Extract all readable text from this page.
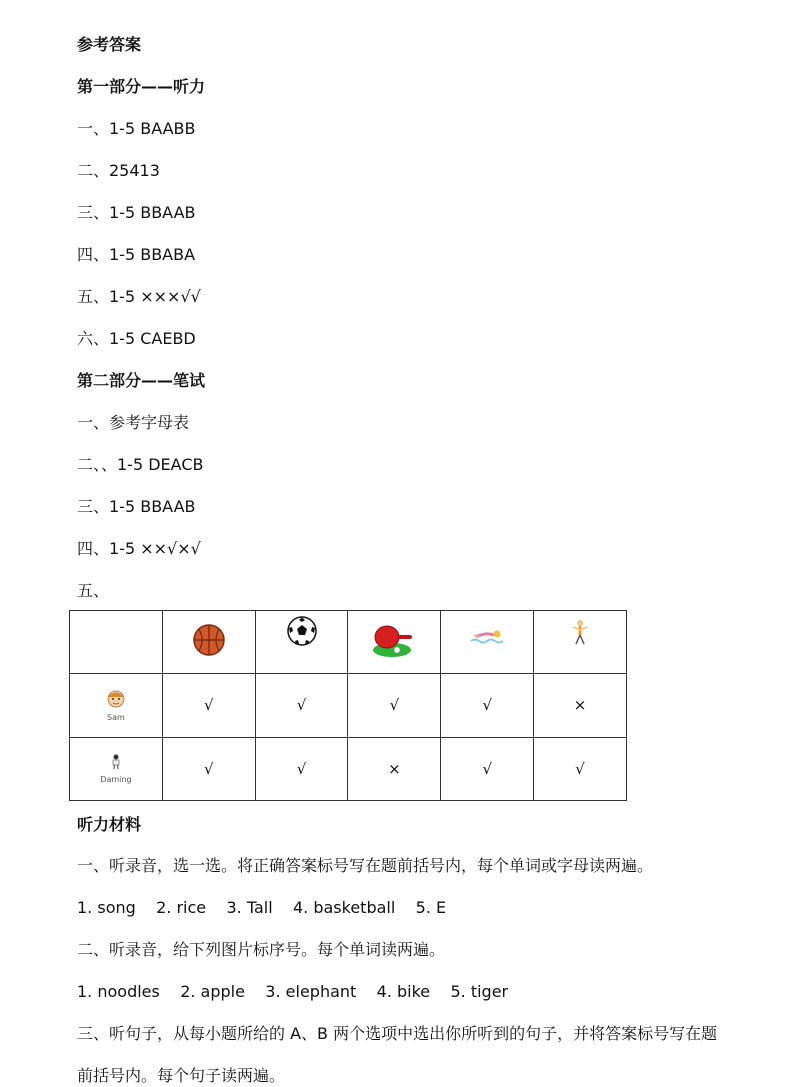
参考答案
第一部分——听力
一、1-5 BAABB
二、25413
三、1-5 BBAAB
四、1-5 BBABA
五、1-5 ×××√√
六、1-5 CAEBD
第二部分——笔试
一、参考字母表
二、、1-5 DEACB
三、1-5 BBAAB
四、1-5 ××√×√
五、

Sam	√	√	√	√	×

Daming	√	√	×	√	√
听力材料
一、听录音，选一选。将正确答案标号写在题前括号内，每个单词或字母读两遍。
1. song    2. rice    3. Tall    4. basketball    5. E
二、听录音，给下列图片标序号。每个单词读两遍。
1. noodles    2. apple    3. elephant    4. bike    5. tiger
三、听句子，从每小题所给的 A、B 两个选项中选出你所听到的句子，并将答案标号写在题
前括号内。每个句子读两遍。
